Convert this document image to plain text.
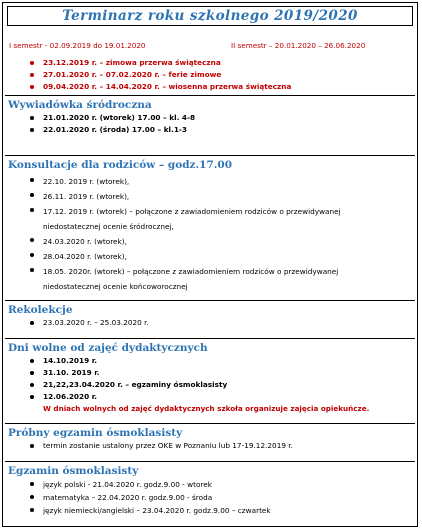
Terminarz roku szkolnego 2019/2020
I semestr - 02.09.2019 do 19.01.2020	II semestr – 20.01.2020 – 26.06.2020
23.12.2019 r. – zimowa przerwa świąteczna
27.01.2020 r. – 07.02.2020 r. – ferie zimowe
09.04.2020 r. – 14.04.2020 r. – wiosenna przerwa świąteczna
Wywiadówka śródroczna
21.01.2020 r. (wtorek) 17.00 – kl. 4-8
22.01.2020 r. (środa) 17.00 – kl.1-3
Konsultacje dla rodziców – godz.17.00
22.10. 2019 r. (wtorek),
26.11. 2019 r. (wtorek),
17.12. 2019 r. (wtorek) – połączone z zawiadomieniem rodziców o przewidywanej
niedostatecznej ocenie śródrocznej,
24.03.2020 r. (wtorek),
28.04.2020 r. (wtorek),
18.05. 2020r. (wtorek) – połączone z zawiadomieniem rodziców o przewidywanej
niedostatecznej ocenie końcoworocznej
Rekolekcje
23.03.2020 r. – 25.03.2020 r.
Dni wolne od zajęć dydaktycznych
14.10.2019 r.
31.10. 2019 r.
21,22,23.04.2020 r. – egzaminy ósmoklasisty
12.06.2020 r.
W dniach wolnych od zajęć dydaktycznych szkoła organizuje zajęcia opiekuńcze.
Próbny egzamin ósmoklasisty
termin zostanie ustalony przez OKE w Poznaniu lub 17-19.12.2019 r.
Egzamin ósmoklasisty
język polski - 21.04.2020 r. godz.9.00 - wtorek
matematyka – 22.04.2020 r. godz.9.00 - środa
język niemiecki/angielski – 23.04.2020 r. godz.9.00 – czwartek
